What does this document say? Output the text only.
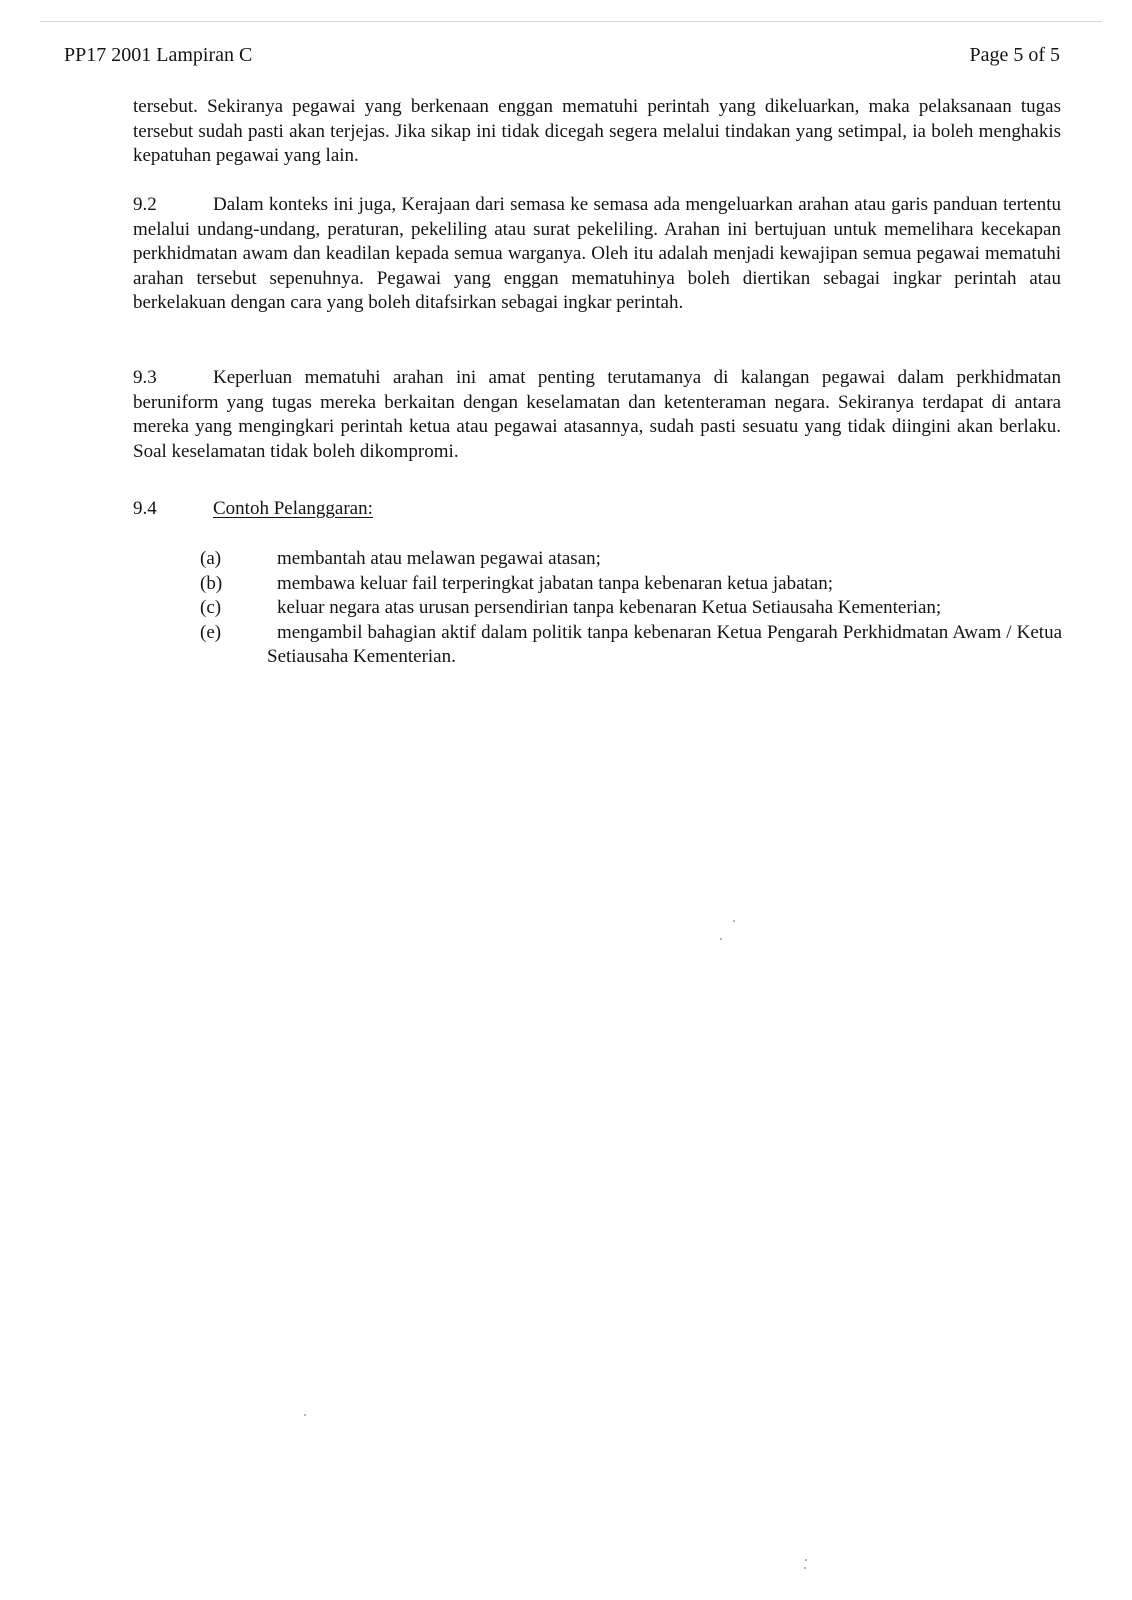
PP17 2001 Lampiran C	Page 5 of 5

tersebut. Sekiranya pegawai yang berkenaan enggan mematuhi perintah yang dikeluarkan, maka pelaksanaan tugas tersebut sudah pasti akan terjejas. Jika sikap ini tidak dicegah segera melalui tindakan yang setimpal, ia boleh menghakis kepatuhan pegawai yang lain.

9.2	Dalam konteks ini juga, Kerajaan dari semasa ke semasa ada mengeluarkan arahan atau garis panduan tertentu melalui undang-undang, peraturan, pekeliling atau surat pekeliling. Arahan ini bertujuan untuk memelihara kecekapan perkhidmatan awam dan keadilan kepada semua warganya. Oleh itu adalah menjadi kewajipan semua pegawai mematuhi arahan tersebut sepenuhnya. Pegawai yang enggan mematuhinya boleh diertikan sebagai ingkar perintah atau berkelakuan dengan cara yang boleh ditafsirkan sebagai ingkar perintah.

9.3	Keperluan mematuhi arahan ini amat penting terutamanya di kalangan pegawai dalam perkhidmatan beruniform yang tugas mereka berkaitan dengan keselamatan dan ketenteraman negara. Sekiranya terdapat di antara mereka yang mengingkari perintah ketua atau pegawai atasannya, sudah pasti sesuatu yang tidak diingini akan berlaku. Soal keselamatan tidak boleh dikompromi.

9.4	Contoh Pelanggaran:
(a)	membantah atau melawan pegawai atasan;
(b)	membawa keluar fail terperingkat jabatan tanpa kebenaran ketua jabatan;
(c)	keluar negara atas urusan persendirian tanpa kebenaran Ketua Setiausaha Kementerian;
(e)	mengambil bahagian aktif dalam politik tanpa kebenaran Ketua Pengarah Perkhidmatan Awam / Ketua Setiausaha Kementerian.
